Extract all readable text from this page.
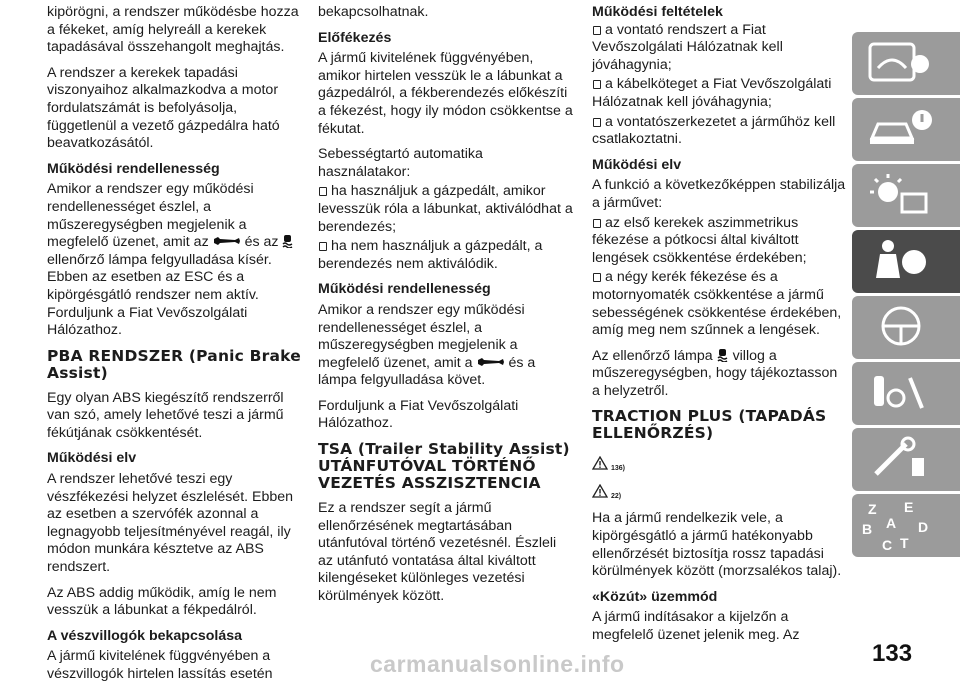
kipörögni, a rendszer működésbe hozza a fékeket, amíg helyreáll a kerekek tapadásával összehangolt meghajtás.

A rendszer a kerekek tapadási viszonyaihoz alkalmazkodva a motor fordulatszámát is befolyásolja, függetlenül a vezető gázpedálra ható beavatkozásától.

Működési rendellenesség

Amikor a rendszer egy működési rendellenességet észlel, a műszeregységben megjelenik a megfelelő üzenet, amit az	és az  ellenőrző lámpa felgyulladása kísér. Ebben az esetben az ESC és a kipörgésgátló rendszer nem aktív. Forduljunk a Fiat Vevőszolgálati Hálózathoz.

PBA RENDSZER (Panic Brake Assist)

Egy olyan ABS kiegészítő rendszerről van szó, amely lehetővé teszi a jármű fékútjának csökkentését.

Működési elv

A rendszer lehetővé teszi egy vészfékezési helyzet észlelését. Ebben az esetben a szervófék azonnal a legnagyobb teljesítményével reagál, ily módon munkára késztetve az ABS rendszert.

Az ABS addig működik, amíg le nem vesszük a lábunkat a fékpedálról.

A vészvillogók bekapcsolása

A jármű kivitelének függvényében a vészvillogók hirtelen lassítás esetén

bekapcsolhatnak.

Előfékezés

A jármű kivitelének függvényében, amikor hirtelen vesszük le a lábunkat a gázpedálról, a fékberendezés előkészíti a fékezést, hogy ily módon csökkentse a fékutat.

Sebességtartó automatika használatakor:

ha használjuk a gázpedált, amikor levesszük róla a lábunkat, aktiválódhat a berendezés;

ha nem használjuk a gázpedált, a berendezés nem aktiválódik.

Működési rendellenesség

Amikor a rendszer egy működési rendellenességet észlel, a műszeregységben megjelenik a megfelelő üzenet, amit a	és a lámpa felgyulladása követ.

Forduljunk a Fiat Vevőszolgálati Hálózathoz.

TSA (Trailer Stability Assist) UTÁNFUTÓVAL TÖRTÉNŐ VEZETÉS ASSZISZTENCIA

Ez a rendszer segít a jármű ellenőrzésének megtartásában utánfutóval történő vezetésnél. Észleli az utánfutó vontatása által kiváltott kilengéseket különleges vezetési körülmények között.

Működési feltételek

a vontató rendszert a Fiat Vevőszolgálati Hálózatnak kell jóváhagynia;

a kábelköteget a Fiat Vevőszolgálati Hálózatnak kell jóváhagynia;

a vontatószerkezetet a járműhöz kell csatlakoztatni.

Működési elv

A funkció a következőképpen stabilizálja a járművet:

az első kerekek aszimmetrikus fékezése a pótkocsi által kiváltott lengések csökkentése érdekében;

a négy kerék fékezése és a motornyomaték csökkentése a jármű sebességének csökkentése érdekében, amíg meg nem szűnnek a lengések.

Az ellenőrző lámpa villog a műszeregységben, hogy tájékoztasson a helyzetről.

TRACTION PLUS (TAPADÁS ELLENŐRZÉS)
136)
22)

Ha a jármű rendelkezik vele, a kipörgésgátló a jármű hatékonyabb ellenőrzését biztosítja rossz tapadási körülmények között (morzsalékos talaj).

«Közút» üzemmód

A jármű indításakor a kijelzőn a megfelelő üzenet jelenik meg. Az

Z E
B A D
C T
133
carmanualsonline.info
